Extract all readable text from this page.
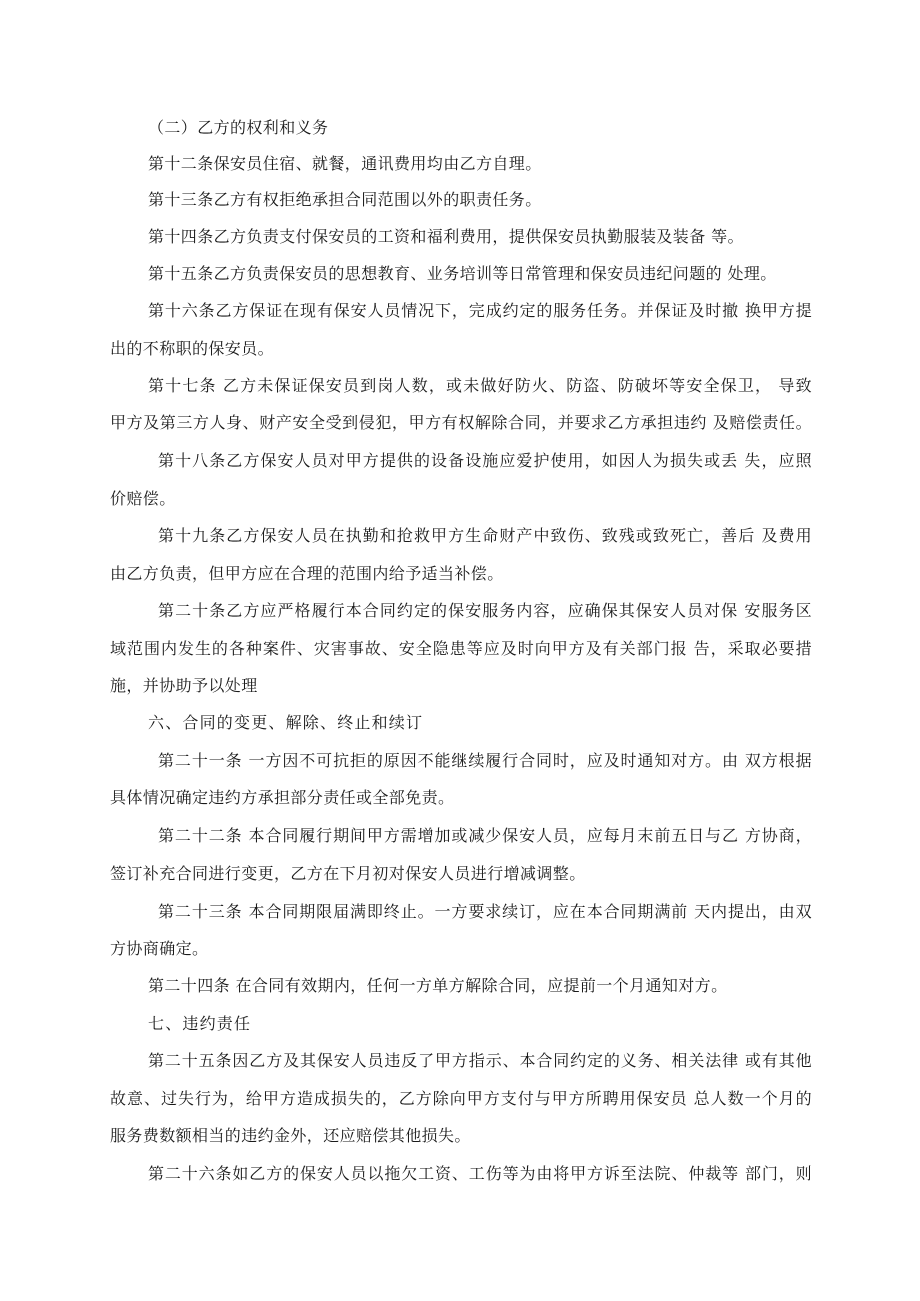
（二）乙方的权利和义务

第十二条保安员住宿、就餐，通讯费用均由乙方自理。

第十三条乙方有权拒绝承担合同范围以外的职责任务。

第十四条乙方负责支付保安员的工资和福利费用，提供保安员执勤服装及装备 等。

第十五条乙方负责保安员的思想教育、业务培训等日常管理和保安员违纪问题的 处理。

第十六条乙方保证在现有保安人员情况下，完成约定的服务任务。并保证及时撤 换甲方提

出的不称职的保安员。

第十七条 乙方未保证保安员到岗人数，或未做好防火、防盗、防破坏等安全保卫， 导致

甲方及第三方人身、财产安全受到侵犯，甲方有权解除合同，并要求乙方承担违约 及赔偿责任。

第十八条乙方保安人员对甲方提供的设备设施应爱护使用，如因人为损失或丢 失，应照

价赔偿。

第十九条乙方保安人员在执勤和抢救甲方生命财产中致伤、致残或致死亡，善后 及费用

由乙方负责，但甲方应在合理的范围内给予适当补偿。

第二十条乙方应严格履行本合同约定的保安服务内容，应确保其保安人员对保 安服务区

域范围内发生的各种案件、灾害事故、安全隐患等应及时向甲方及有关部门报 告，采取必要措

施，并协助予以处理

六、合同的变更、解除、终止和续订

第二十一条 一方因不可抗拒的原因不能继续履行合同时，应及时通知对方。由 双方根据

具体情况确定违约方承担部分责任或全部免责。

第二十二条 本合同履行期间甲方需增加或减少保安人员，应每月末前五日与乙 方协商，

签订补充合同进行变更，乙方在下月初对保安人员进行增减调整。

第二十三条 本合同期限届满即终止。一方要求续订，应在本合同期满前 天内提出，由双

方协商确定。

第二十四条 在合同有效期内，任何一方单方解除合同，应提前一个月通知对方。

七、违约责任

第二十五条因乙方及其保安人员违反了甲方指示、本合同约定的义务、相关法律 或有其他

故意、过失行为，给甲方造成损失的，乙方除向甲方支付与甲方所聘用保安员 总人数一个月的

服务费数额相当的违约金外，还应赔偿其他损失。

第二十六条如乙方的保安人员以拖欠工资、工伤等为由将甲方诉至法院、仲裁等 部门，则
